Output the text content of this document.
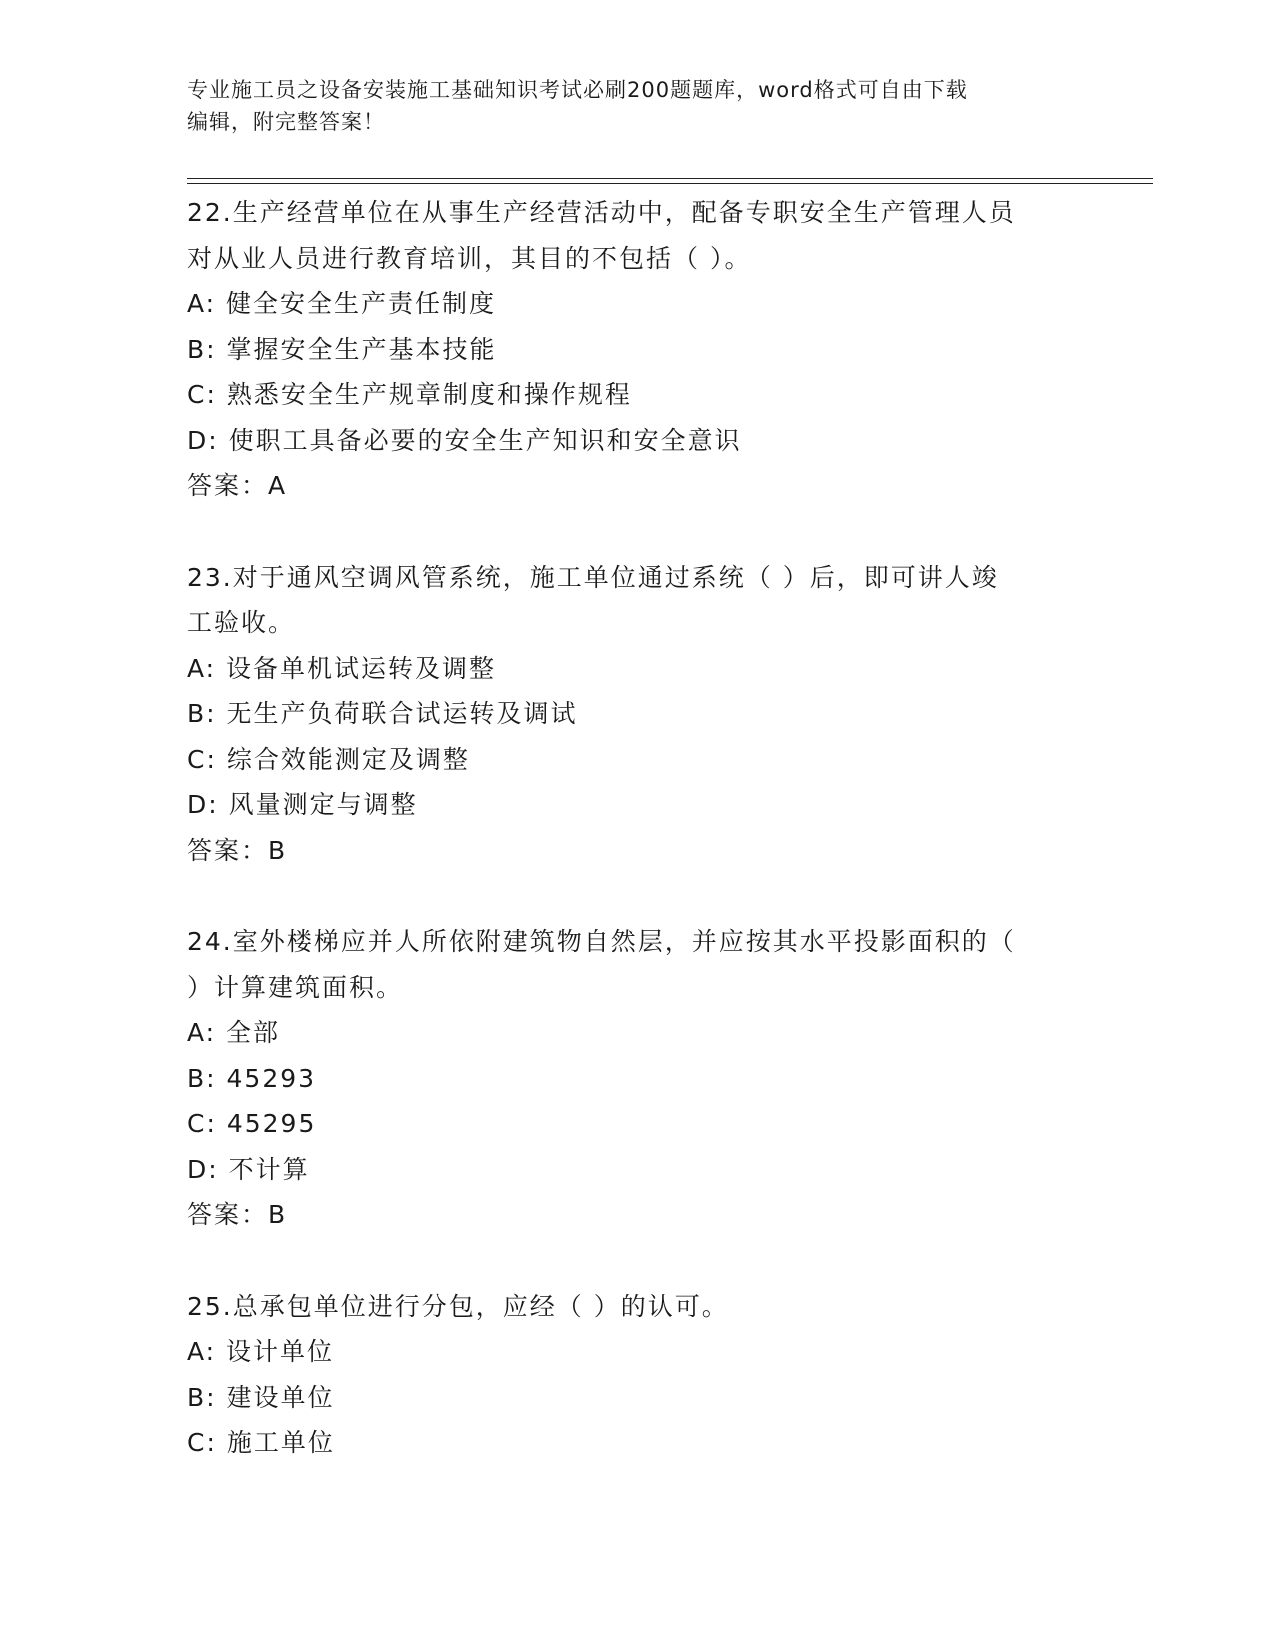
专业施工员之设备安装施工基础知识考试必刷200题题库，word格式可自由下载
编辑，附完整答案！
22.生产经营单位在从事生产经营活动中，配备专职安全生产管理人员
对从业人员进行教育培训，其目的不包括（ ）。
A: 健全安全生产责任制度
B: 掌握安全生产基本技能
C: 熟悉安全生产规章制度和操作规程
D: 使职工具备必要的安全生产知识和安全意识
答案：A
23.对于通风空调风管系统，施工单位通过系统（ ）后，即可讲人竣
工验收。
A: 设备单机试运转及调整
B: 无生产负荷联合试运转及调试
C: 综合效能测定及调整
D: 风量测定与调整
答案：B
24.室外楼梯应并人所依附建筑物自然层，并应按其水平投影面积的（
）计算建筑面积。
A: 全部
B: 45293
C: 45295
D: 不计算
答案：B
25.总承包单位进行分包，应经（ ）的认可。
A: 设计单位
B: 建设单位
C: 施工单位
